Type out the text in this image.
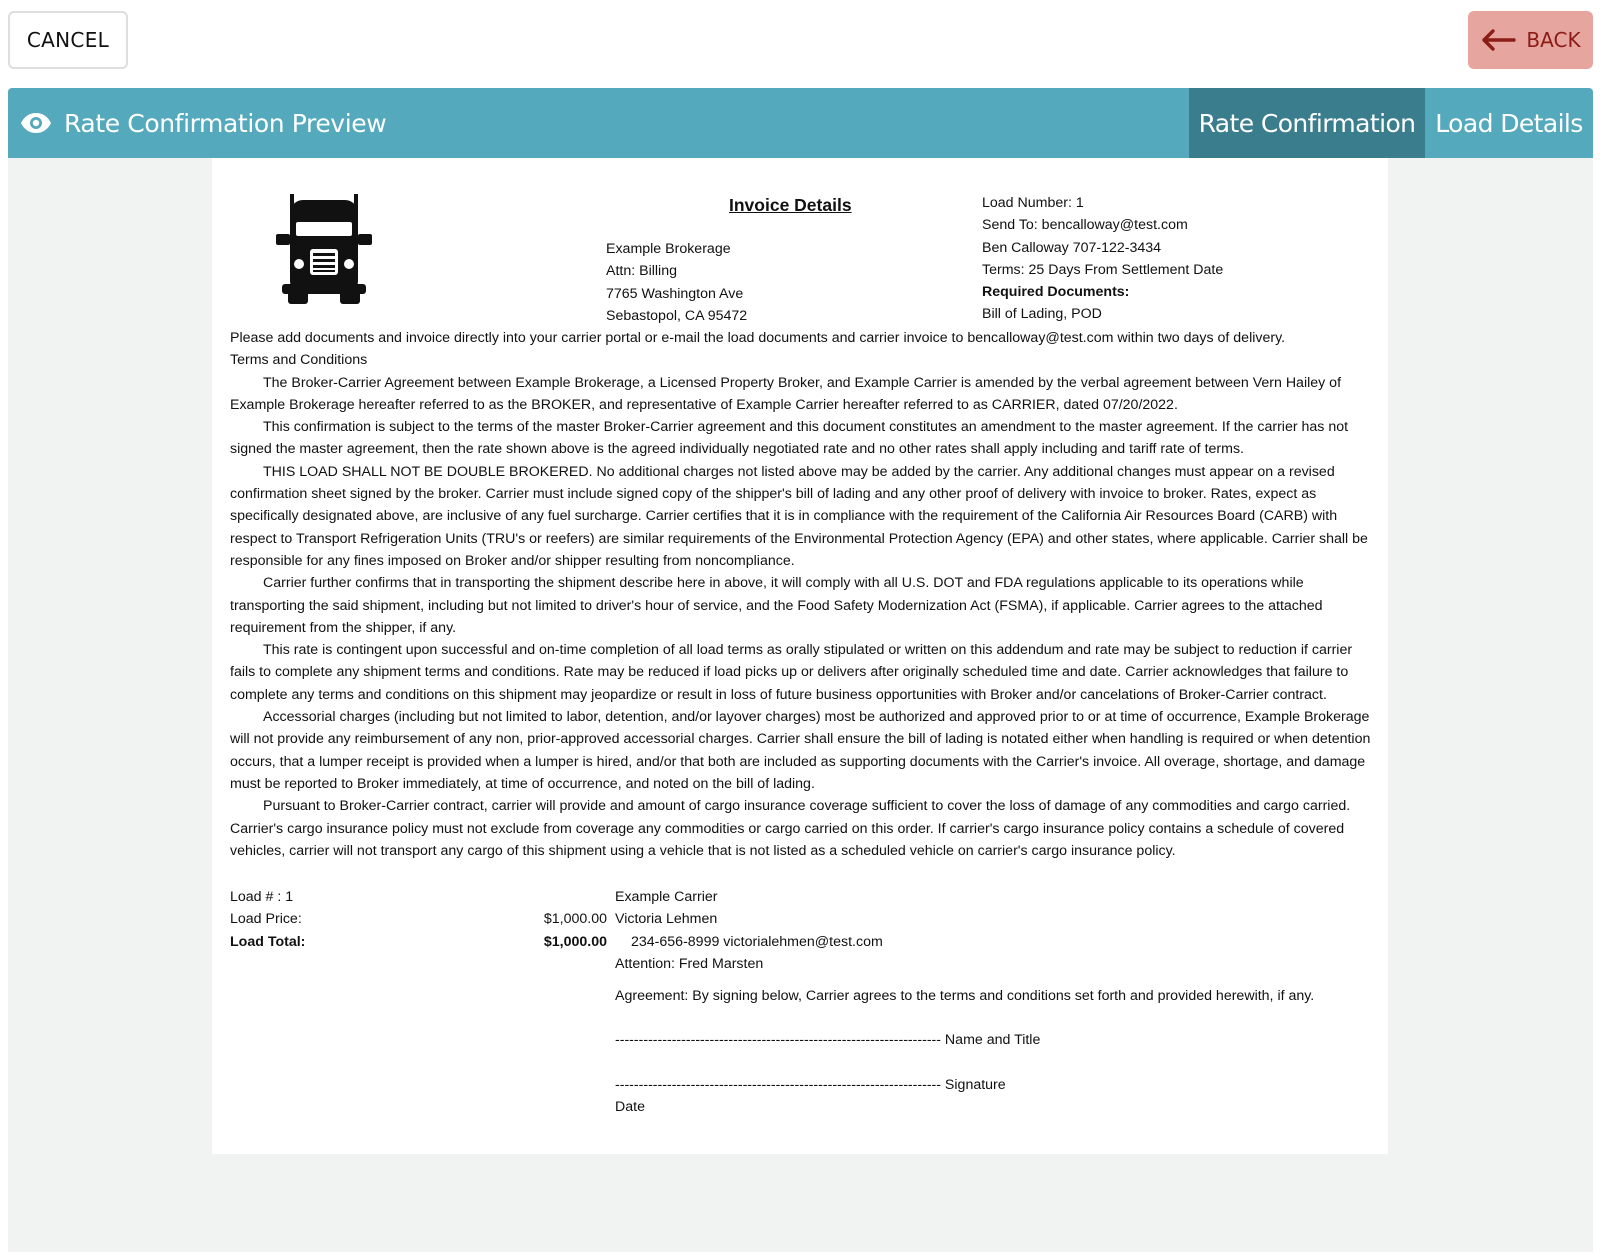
CANCEL	BACK
Rate Confirmation Preview	Rate Confirmation Load Details
Invoice Details
Example Brokerage
Attn: Billing
7765 Washington Ave
Sebastopol, CA 95472
Load Number: 1
Send To: bencalloway@test.com
Ben Calloway 707-122-3434
Terms: 25 Days From Settlement Date
Required Documents:
Bill of Lading, POD

Please add documents and invoice directly into your carrier portal or e-mail the load documents and carrier invoice to bencalloway@test.com within two days of delivery.

Terms and Conditions

The Broker-Carrier Agreement between Example Brokerage, a Licensed Property Broker, and Example Carrier is amended by the verbal agreement between Vern Hailey of Example Brokerage hereafter referred to as the BROKER, and representative of Example Carrier hereafter referred to as CARRIER, dated 07/20/2022.

This confirmation is subject to the terms of the master Broker-Carrier agreement and this document constitutes an amendment to the master agreement. If the carrier has not signed the master agreement, then the rate shown above is the agreed individually negotiated rate and no other rates shall apply including and tariff rate of terms.

THIS LOAD SHALL NOT BE DOUBLE BROKERED. No additional charges not listed above may be added by the carrier. Any additional changes must appear on a revised confirmation sheet signed by the broker. Carrier must include signed copy of the shipper's bill of lading and any other proof of delivery with invoice to broker. Rates, expect as specifically designated above, are inclusive of any fuel surcharge. Carrier certifies that it is in compliance with the requirement of the California Air Resources Board (CARB) with respect to Transport Refrigeration Units (TRU's or reefers) are similar requirements of the Environmental Protection Agency (EPA) and other states, where applicable. Carrier shall be responsible for any fines imposed on Broker and/or shipper resulting from noncompliance.

Carrier further confirms that in transporting the shipment describe here in above, it will comply with all U.S. DOT and FDA regulations applicable to its operations while transporting the said shipment, including but not limited to driver's hour of service, and the Food Safety Modernization Act (FSMA), if applicable. Carrier agrees to the attached requirement from the shipper, if any.

This rate is contingent upon successful and on-time completion of all load terms as orally stipulated or written on this addendum and rate may be subject to reduction if carrier fails to complete any shipment terms and conditions. Rate may be reduced if load picks up or delivers after originally scheduled time and date. Carrier acknowledges that failure to complete any terms and conditions on this shipment may jeopardize or result in loss of future business opportunities with Broker and/or cancelations of Broker-Carrier contract.

Accessorial charges (including but not limited to labor, detention, and/or layover charges) most be authorized and approved prior to or at time of occurrence, Example Brokerage will not provide any reimbursement of any non, prior-approved accessorial charges. Carrier shall ensure the bill of lading is notated either when handling is required or when detention occurs, that a lumper receipt is provided when a lumper is hired, and/or that both are included as supporting documents with the Carrier's invoice. All overage, shortage, and damage must be reported to Broker immediately, at time of occurrence, and noted on the bill of lading.

Pursuant to Broker-Carrier contract, carrier will provide and amount of cargo insurance coverage sufficient to cover the loss of damage of any commodities and cargo carried. Carrier's cargo insurance policy must not exclude from coverage any commodities or cargo carried on this order. If carrier's cargo insurance policy contains a schedule of covered vehicles, carrier will not transport any cargo of this shipment using a vehicle that is not listed as a scheduled vehicle on carrier's cargo insurance policy.

Load # : 1
Load Price:	$1,000.00
Load Total:	$1,000.00
Example Carrier
Victoria Lehmen
234-656-8999 victorialehmen@test.com
Attention: Fred Marsten
Agreement: By signing below, Carrier agrees to the terms and conditions set forth and provided herewith, if any.
--------------------------------------------------------------------- Name and Title
--------------------------------------------------------------------- Signature
Date
